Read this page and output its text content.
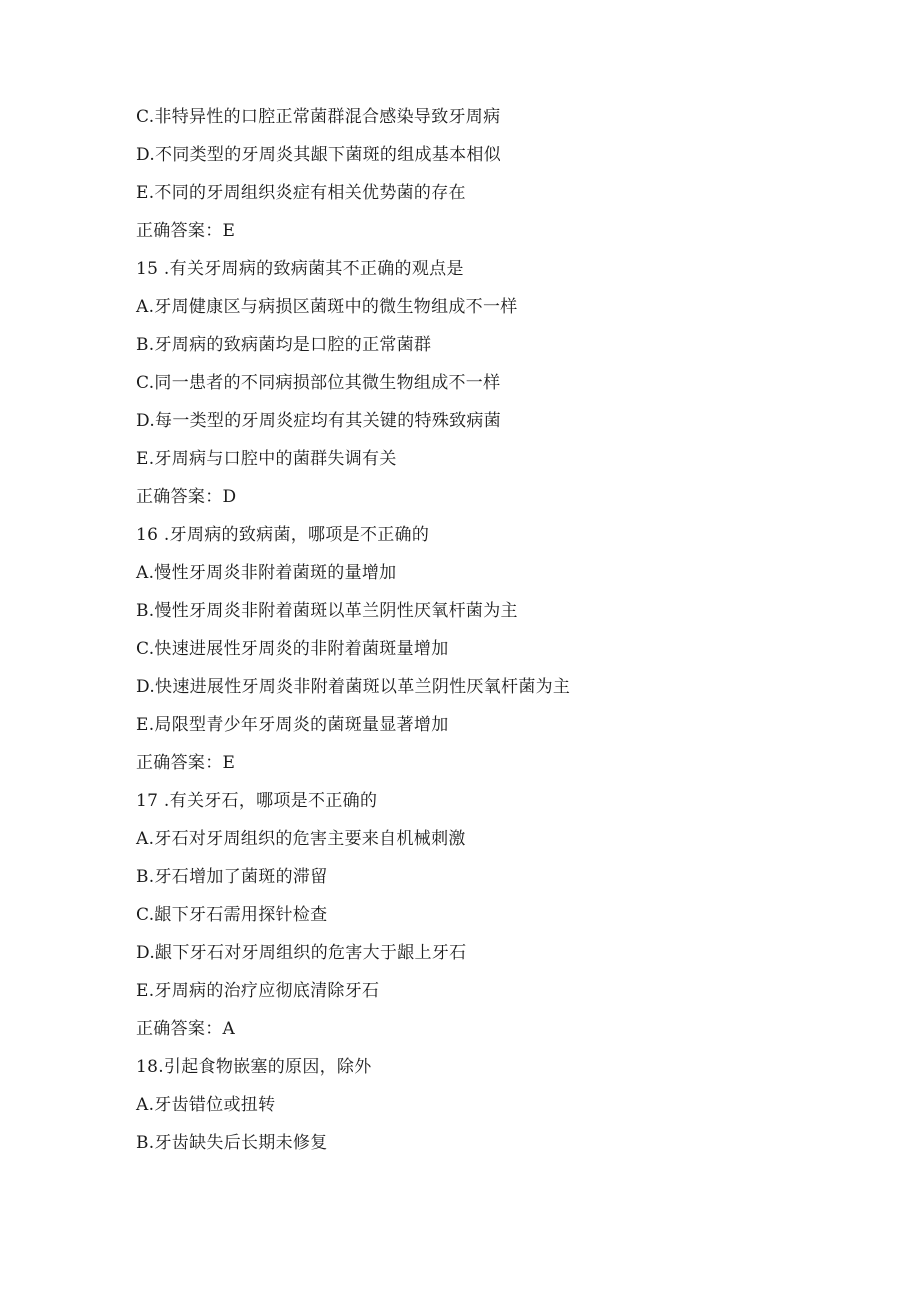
C.非特异性的口腔正常菌群混合感染导致牙周病
D.不同类型的牙周炎其龈下菌斑的组成基本相似
E.不同的牙周组织炎症有相关优势菌的存在
正确答案：E
15 .有关牙周病的致病菌其不正确的观点是
A.牙周健康区与病损区菌斑中的微生物组成不一样
B.牙周病的致病菌均是口腔的正常菌群
C.同一患者的不同病损部位其微生物组成不一样
D.每一类型的牙周炎症均有其关键的特殊致病菌
E.牙周病与口腔中的菌群失调有关
正确答案：D
16 .牙周病的致病菌，哪项是不正确的
A.慢性牙周炎非附着菌斑的量增加
B.慢性牙周炎非附着菌斑以革兰阴性厌氧杆菌为主
C.快速进展性牙周炎的非附着菌斑量增加
D.快速进展性牙周炎非附着菌斑以革兰阴性厌氧杆菌为主
E.局限型青少年牙周炎的菌斑量显著增加
正确答案：E
17 .有关牙石，哪项是不正确的
A.牙石对牙周组织的危害主要来自机械刺激
B.牙石增加了菌斑的滞留
C.龈下牙石需用探针检查
D.龈下牙石对牙周组织的危害大于龈上牙石
E.牙周病的治疗应彻底清除牙石
正确答案：A
18.引起食物嵌塞的原因，除外
A.牙齿错位或扭转
B.牙齿缺失后长期未修复
